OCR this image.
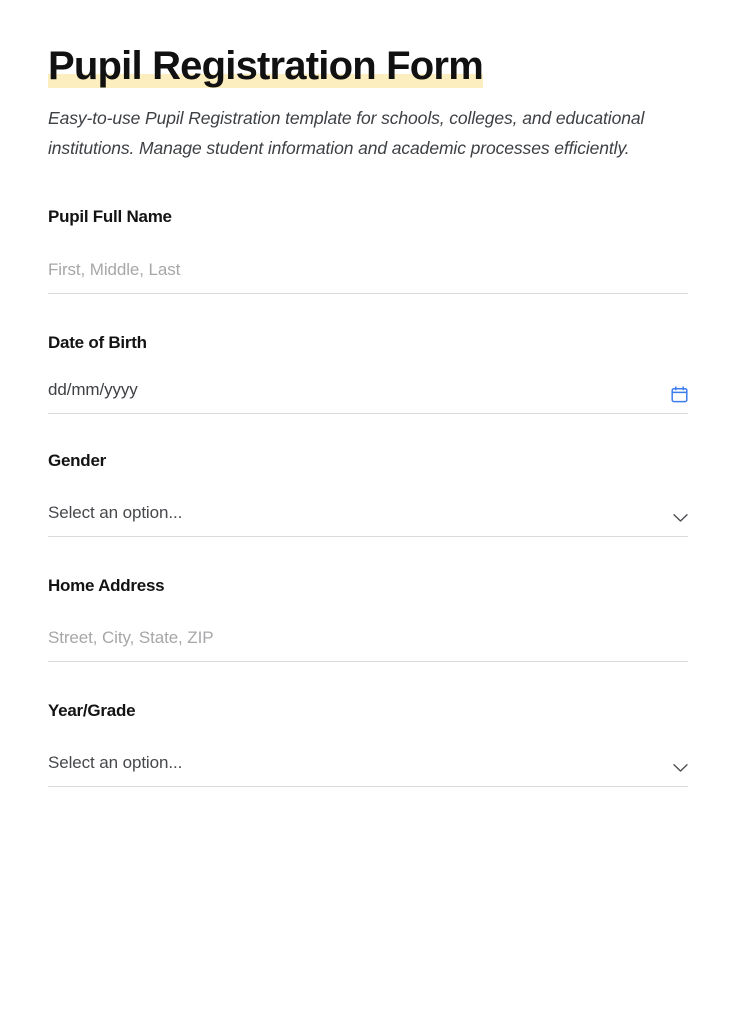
Pupil Registration Form

Easy-to-use Pupil Registration template for schools, colleges, and educational institutions. Manage student information and academic processes efficiently.

Pupil Full Name
First, Middle, Last
Date of Birth
dd/mm/yyyy
Gender
Select an option...
Home Address
Street, City, State, ZIP
Year/Grade
Select an option...
